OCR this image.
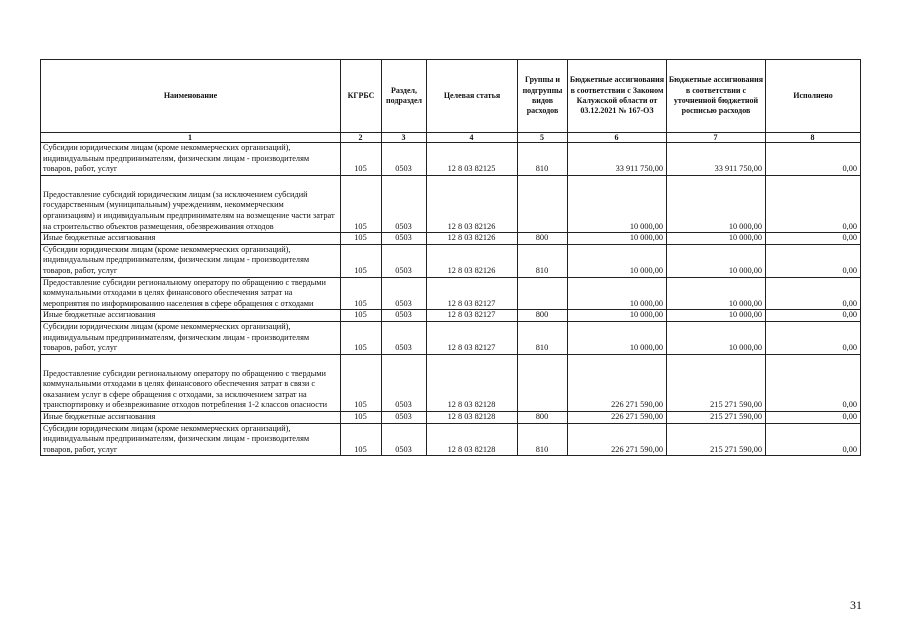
Наименование	КГРБС	Раздел, подраздел	Целевая статья	Группы и подгруппы видов расходов	Бюджетные ассигнования в соответствии с Законом Калужской области от 03.12.2021 № 167-ОЗ	Бюджетные ассигнования в соответствии с уточненной бюджетной росписью расходов	Исполнено
1	2	3	4	5	6	7	8
Субсидии юридическим лицам (кроме некоммерческих организаций), индивидуальным предпринимателям, физическим лицам - производителям товаров, работ, услуг	105	0503	12 8 03 82125	810	33 911 750,00	33 911 750,00	0,00
Предоставление субсидий юридическим лицам (за исключением субсидий государственным (муниципальным) учреждениям, некоммерческим организациям) и индивидуальным предпринимателям на возмещение части затрат на строительство объектов размещения, обезвреживания отходов	105	0503	12 8 03 82126		10 000,00	10 000,00	0,00
Иные бюджетные ассигнования	105	0503	12 8 03 82126	800	10 000,00	10 000,00	0,00
Субсидии юридическим лицам (кроме некоммерческих организаций), индивидуальным предпринимателям, физическим лицам - производителям товаров, работ, услуг	105	0503	12 8 03 82126	810	10 000,00	10 000,00	0,00
Предоставление субсидии региональному оператору по обращению с твердыми коммунальными отходами в целях финансового обеспечения затрат на мероприятия по информированию населения в сфере обращения с отходами	105	0503	12 8 03 82127		10 000,00	10 000,00	0,00
Иные бюджетные ассигнования	105	0503	12 8 03 82127	800	10 000,00	10 000,00	0,00
Субсидии юридическим лицам (кроме некоммерческих организаций), индивидуальным предпринимателям, физическим лицам - производителям товаров, работ, услуг	105	0503	12 8 03 82127	810	10 000,00	10 000,00	0,00
Предоставление субсидии региональному оператору по обращению с твердыми коммунальными отходами в целях финансового обеспечения затрат в связи с оказанием услуг в сфере обращения с отходами, за исключением затрат на транспортировку и обезвреживание отходов потребления 1-2 классов опасности	105	0503	12 8 03 82128		226 271 590,00	215 271 590,00	0,00
Иные бюджетные ассигнования	105	0503	12 8 03 82128	800	226 271 590,00	215 271 590,00	0,00
Субсидии юридическим лицам (кроме некоммерческих организаций), индивидуальным предпринимателям, физическим лицам - производителям товаров, работ, услуг	105	0503	12 8 03 82128	810	226 271 590,00	215 271 590,00	0,00
31
